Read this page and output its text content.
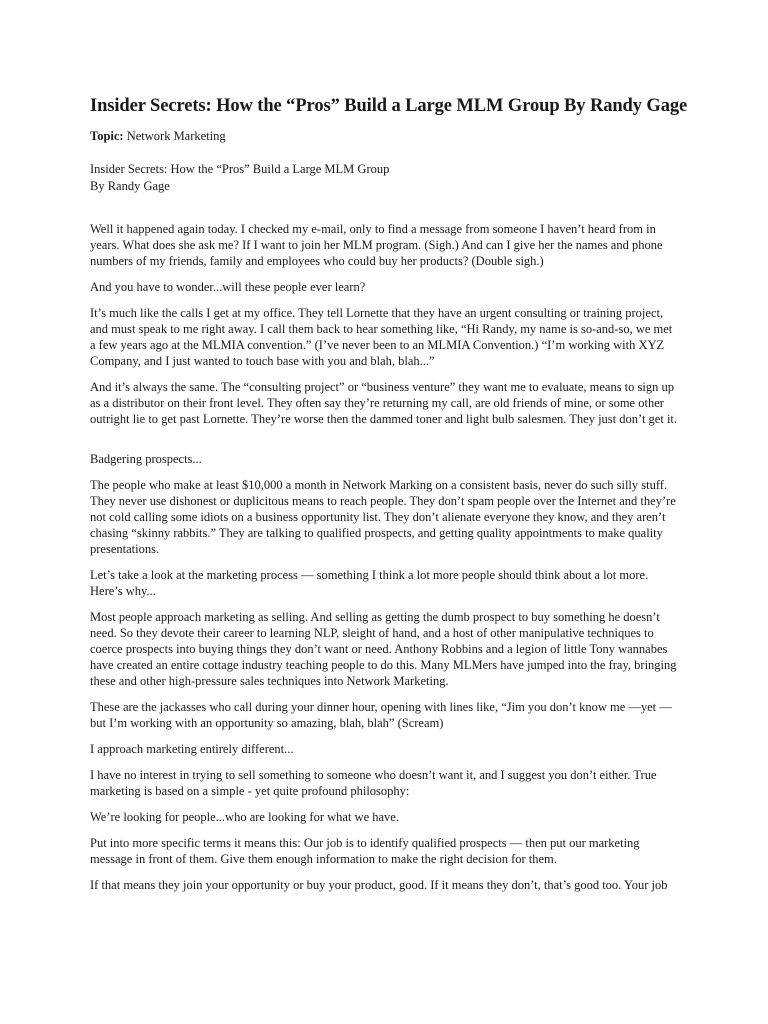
Insider Secrets: How the “Pros” Build a Large MLM Group By Randy Gage
Topic: Network Marketing
Insider Secrets: How the “Pros” Build a Large MLM Group
By Randy Gage

Well it happened again today. I checked my e-mail, only to find a message from someone I haven’t heard from in years. What does she ask me? If I want to join her MLM program. (Sigh.) And can I give her the names and phone numbers of my friends, family and employees who could buy her products? (Double sigh.)

And you have to wonder...will these people ever learn?

It’s much like the calls I get at my office. They tell Lornette that they have an urgent consulting or training project, and must speak to me right away. I call them back to hear something like, “Hi Randy, my name is so-and-so, we met a few years ago at the MLMIA convention.” (I’ve never been to an MLMIA Convention.) “I’m working with XYZ Company, and I just wanted to touch base with you and blah, blah...”

And it’s always the same. The “consulting project” or “business venture” they want me to evaluate, means to sign up as a distributor on their front level. They often say they’re returning my call, are old friends of mine, or some other outright lie to get past Lornette. They’re worse then the dammed toner and light bulb salesmen. They just don’t get it.

Badgering prospects...

The people who make at least $10,000 a month in Network Marking on a consistent basis, never do such silly stuff. They never use dishonest or duplicitous means to reach people. They don’t spam people over the Internet and they’re not cold calling some idiots on a business opportunity list. They don’t alienate everyone they know, and they aren’t chasing “skinny rabbits.” They are talking to qualified prospects, and getting quality appointments to make quality presentations.

Let’s take a look at the marketing process — something I think a lot more people should think about a lot more. Here’s why...

Most people approach marketing as selling. And selling as getting the dumb prospect to buy something he doesn’t need. So they devote their career to learning NLP, sleight of hand, and a host of other manipulative techniques to coerce prospects into buying things they don’t want or need. Anthony Robbins and a legion of little Tony wannabes have created an entire cottage industry teaching people to do this. Many MLMers have jumped into the fray, bringing these and other high-pressure sales techniques into Network Marketing.

These are the jackasses who call during your dinner hour, opening with lines like, “Jim you don’t know me —yet — but I’m working with an opportunity so amazing, blah, blah” (Scream)

I approach marketing entirely different...

I have no interest in trying to sell something to someone who doesn’t want it, and I suggest you don’t either. True marketing is based on a simple - yet quite profound philosophy:

We’re looking for people...who are looking for what we have.

Put into more specific terms it means this: Our job is to identify qualified prospects — then put our marketing message in front of them. Give them enough information to make the right decision for them.

If that means they join your opportunity or buy your product, good. If it means they don’t, that’s good too. Your job
